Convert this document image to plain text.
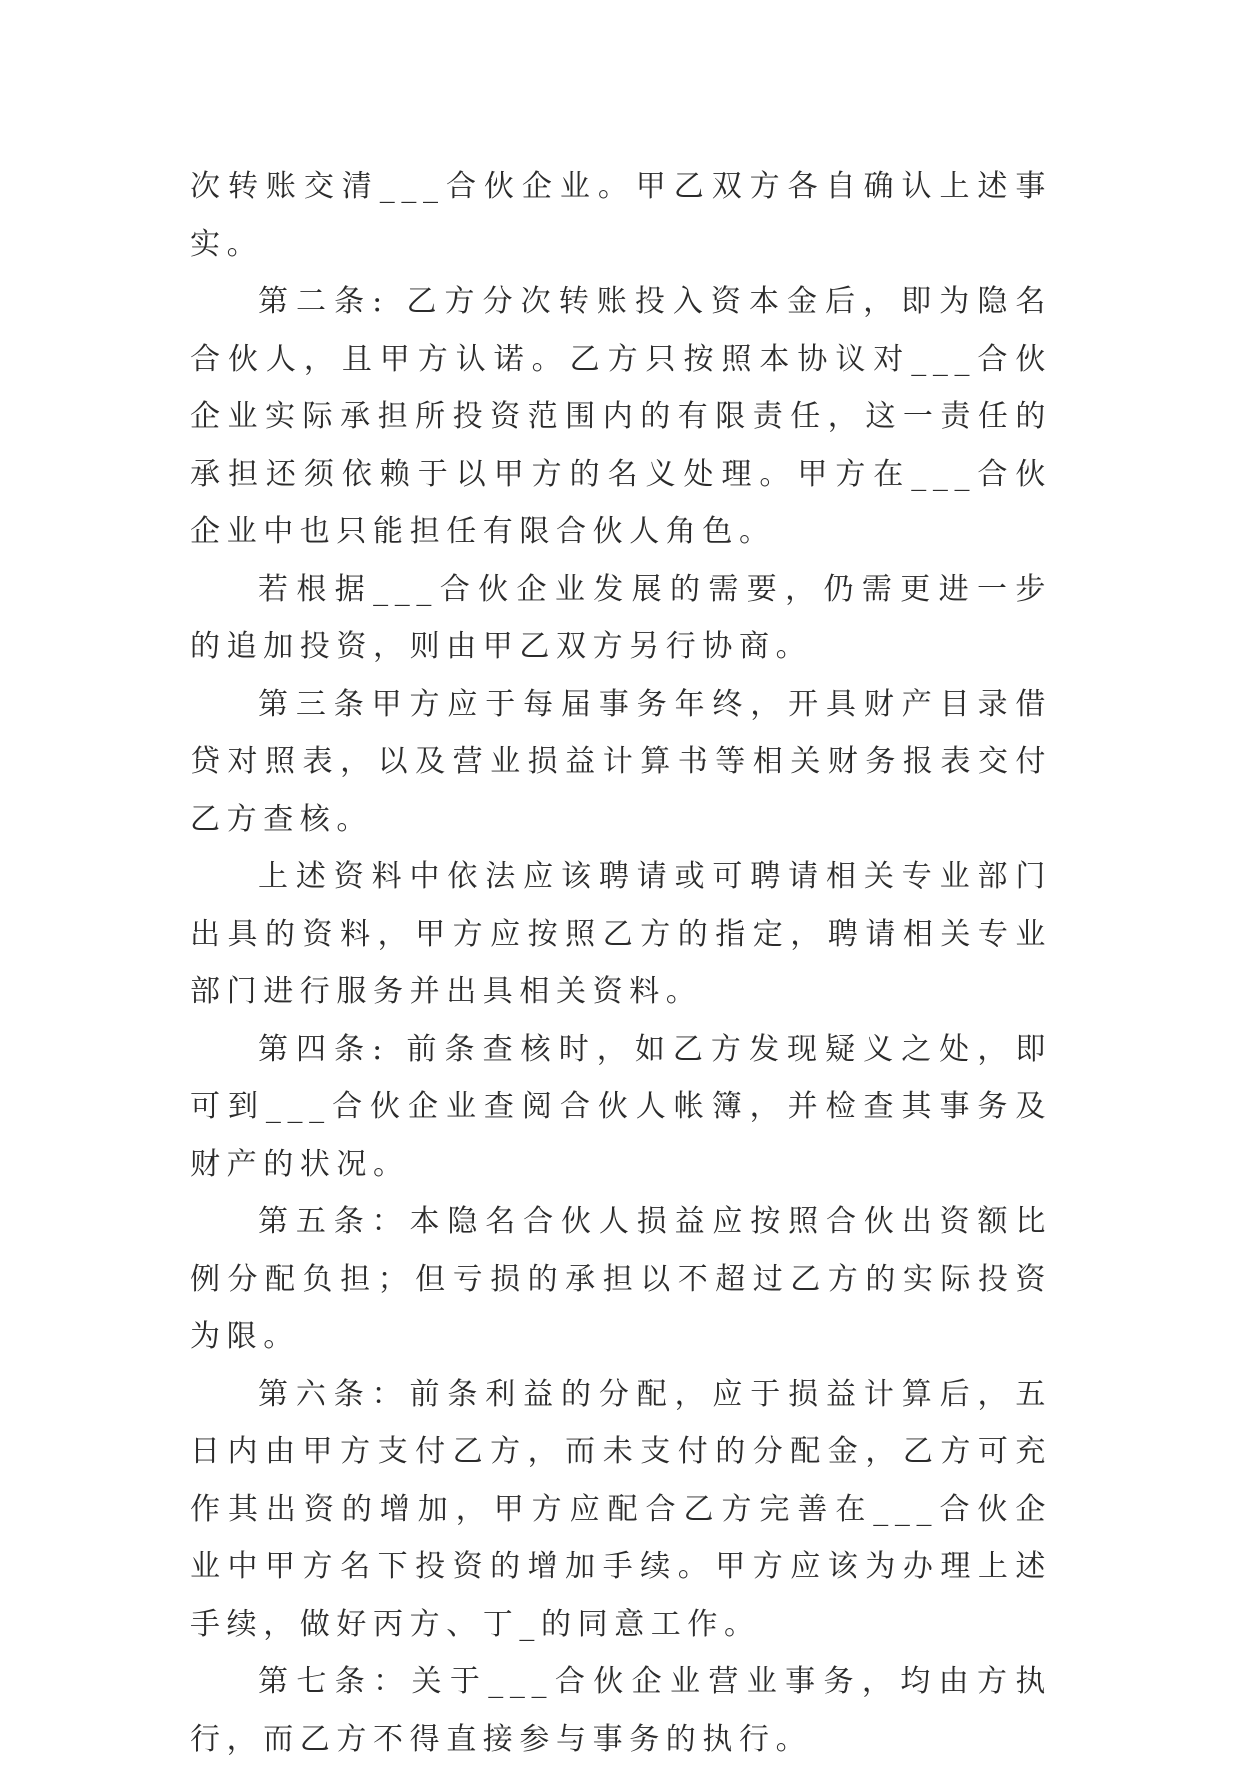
次转账交清___合伙企业。甲乙双方各自确认上述事实。

第二条: 乙方分次转账投入资本金后，即为隐名合伙人，且甲方认诺。乙方只按照本协议对___合伙企业实际承担所投资范围内的有限责任，这一责任的承担还须依赖于以甲方的名义处理。甲方在___合伙企业中也只能担任有限合伙人角色。

若根据___合伙企业发展的需要，仍需更进一步的追加投资，则由甲乙双方另行协商。

第三条甲方应于每届事务年终，开具财产目录借贷对照表，以及营业损益计算书等相关财务报表交付乙方查核。

上述资料中依法应该聘请或可聘请相关专业部门出具的资料，甲方应按照乙方的指定，聘请相关专业部门进行服务并出具相关资料。

第四条: 前条查核时，如乙方发现疑义之处，即可到___合伙企业查阅合伙人帐簿，并检查其事务及财产的状况。

第五条：本隐名合伙人损益应按照合伙出资额比例分配负担；但亏损的承担以不超过乙方的实际投资为限。

第六条：前条利益的分配，应于损益计算后，五日内由甲方支付乙方，而未支付的分配金，乙方可充作其出资的增加，甲方应配合乙方完善在___合伙企业中甲方名下投资的增加手续。甲方应该为办理上述手续，做好丙方、丁_的同意工作。

第七条：关于___合伙企业营业事务，均由方执行，而乙方不得直接参与事务的执行。
